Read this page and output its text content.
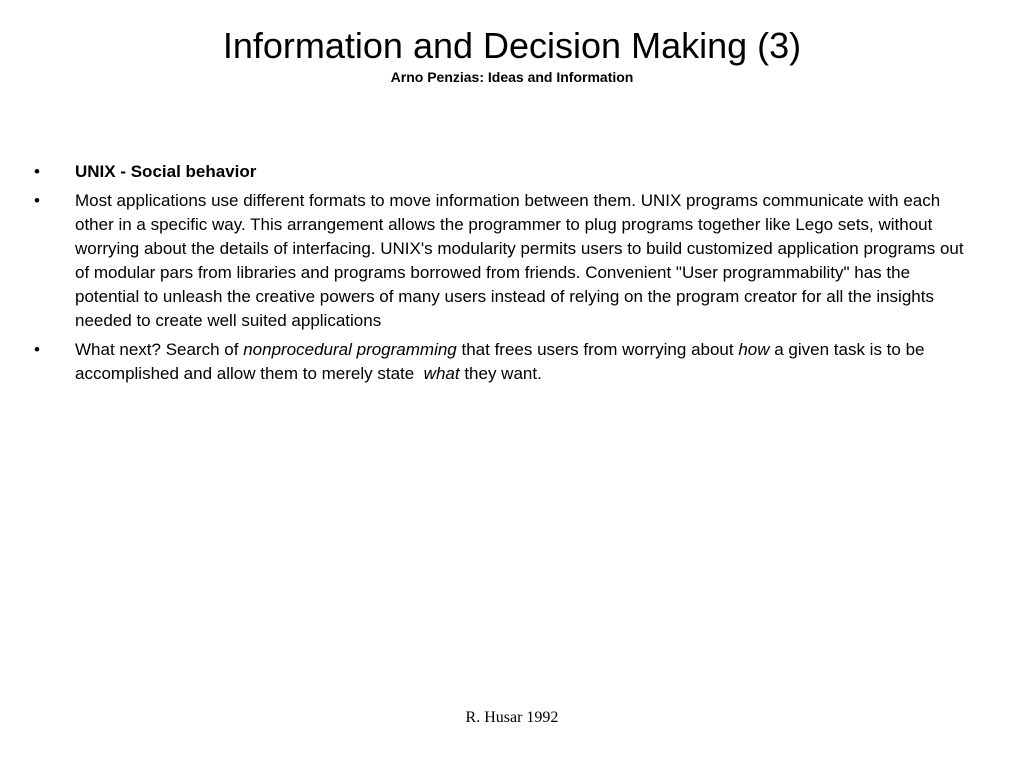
Information and Decision Making (3)
Arno Penzias: Ideas and Information
•	UNIX - Social behavior
•	Most applications use different formats to move information between them. UNIX programs communicate with each other in a specific way. This arrangement allows the programmer to plug programs together like Lego sets, without worrying about the details of interfacing. UNIX's modularity permits users to build customized application programs out of modular pars from libraries and programs borrowed from friends. Convenient "User programmability" has the potential to unleash the creative powers of many users instead of relying on the program creator for all the insights needed to create well suited applications
•	What next? Search of nonprocedural programming that frees users from worrying about how a given task is to be accomplished and allow them to merely state  what they want.
R. Husar 1992
